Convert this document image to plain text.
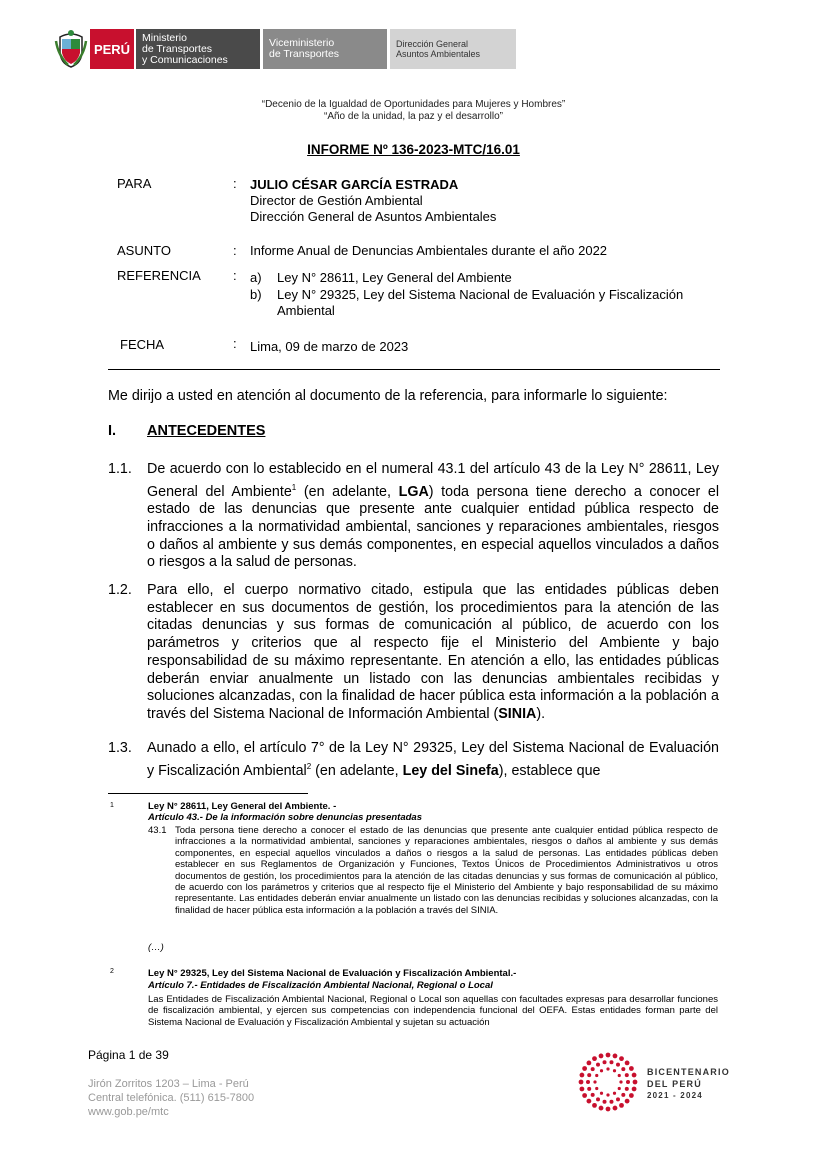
PERÚ
Ministerio
de Transportes
y Comunicaciones
Viceministerio
de Transportes
Dirección General
Asuntos Ambientales
“Decenio de la Igualdad de Oportunidades para Mujeres y Hombres”
“Año de la unidad, la paz y el desarrollo”
INFORME Nº 136-2023-MTC/16.01
PARA	: JULIO CÉSAR GARCÍA ESTRADA
Director de Gestión Ambiental
Dirección General de Asuntos Ambientales
ASUNTO	: Informe Anual de Denuncias Ambientales durante el año 2022
REFERENCIA : a) Ley N° 28611, Ley General del Ambiente
b) Ley N° 29325, Ley del Sistema Nacional de Evaluación y Fiscalización
Ambiental
FECHA	: Lima, 09 de marzo de 2023
Me dirijo a usted en atención al documento de la referencia, para informarle lo siguiente:
I. ANTECEDENTES
1.1. De acuerdo con lo establecido en el numeral 43.1 del artículo 43 de la Ley N° 28611, Ley General del Ambiente$^1$ (en adelante, LGA) toda persona tiene derecho a conocer el estado de las denuncias que presente ante cualquier entidad pública respecto de infracciones a la normatividad ambiental, sanciones y reparaciones ambientales, riesgos o daños al ambiente y sus demás componentes, en especial aquellos vinculados a daños o riesgos a la salud de personas.
1.2. Para ello, el cuerpo normativo citado, estipula que las entidades públicas deben establecer en sus documentos de gestión, los procedimientos para la atención de las citadas denuncias y sus formas de comunicación al público, de acuerdo con los parámetros y criterios que al respecto fije el Ministerio del Ambiente y bajo responsabilidad de su máximo representante. En atención a ello, las entidades públicas deberán enviar anualmente un listado con las denuncias ambientales recibidas y soluciones alcanzadas, con la finalidad de hacer pública esta información a la población a través del Sistema Nacional de Información Ambiental (SINIA).
1.3. Aunado a ello, el artículo 7° de la Ley N° 29325, Ley del Sistema Nacional de Evaluación y Fiscalización Ambiental$^2$ (en adelante, Ley del Sinefa), establece que
1	Ley N° 28611, Ley General del Ambiente. -
Artículo 43.- De la información sobre denuncias presentadas
43.1 Toda persona tiene derecho a conocer el estado de las denuncias que presente ante cualquier entidad pública respecto de infracciones a la normatividad ambiental, sanciones y reparaciones ambientales, riesgos o daños al ambiente y sus demás componentes, en especial aquellos vinculados a daños o riesgos a la salud de personas. Las entidades públicas deben establecer en sus Reglamentos de Organización y Funciones, Textos Únicos de Procedimientos Administrativos u otros documentos de gestión, los procedimientos para la atención de las citadas denuncias y sus formas de comunicación al público, de acuerdo con los parámetros y criterios que al respecto fije el Ministerio del Ambiente y bajo responsabilidad de su máximo representante. Las entidades deberán enviar anualmente un listado con las denuncias recibidas y soluciones alcanzadas, con la finalidad de hacer pública esta información a la población a través del SINIA.
(…)
2	Ley N° 29325, Ley del Sistema Nacional de Evaluación y Fiscalización Ambiental.-
Artículo 7.- Entidades de Fiscalización Ambiental Nacional, Regional o Local
Las Entidades de Fiscalización Ambiental Nacional, Regional o Local son aquellas con facultades expresas para desarrollar funciones de fiscalización ambiental, y ejercen sus competencias con independencia funcional del OEFA. Estas entidades forman parte del Sistema Nacional de Evaluación y Fiscalización Ambiental y sujetan su actuación
Página 1 de 39
Jirón Zorritos 1203 – Lima - Perú
Central telefónica. (511) 615-7800
www.gob.pe/mtc
BICENTENARIO
DEL PERÚ
2021 - 2024
